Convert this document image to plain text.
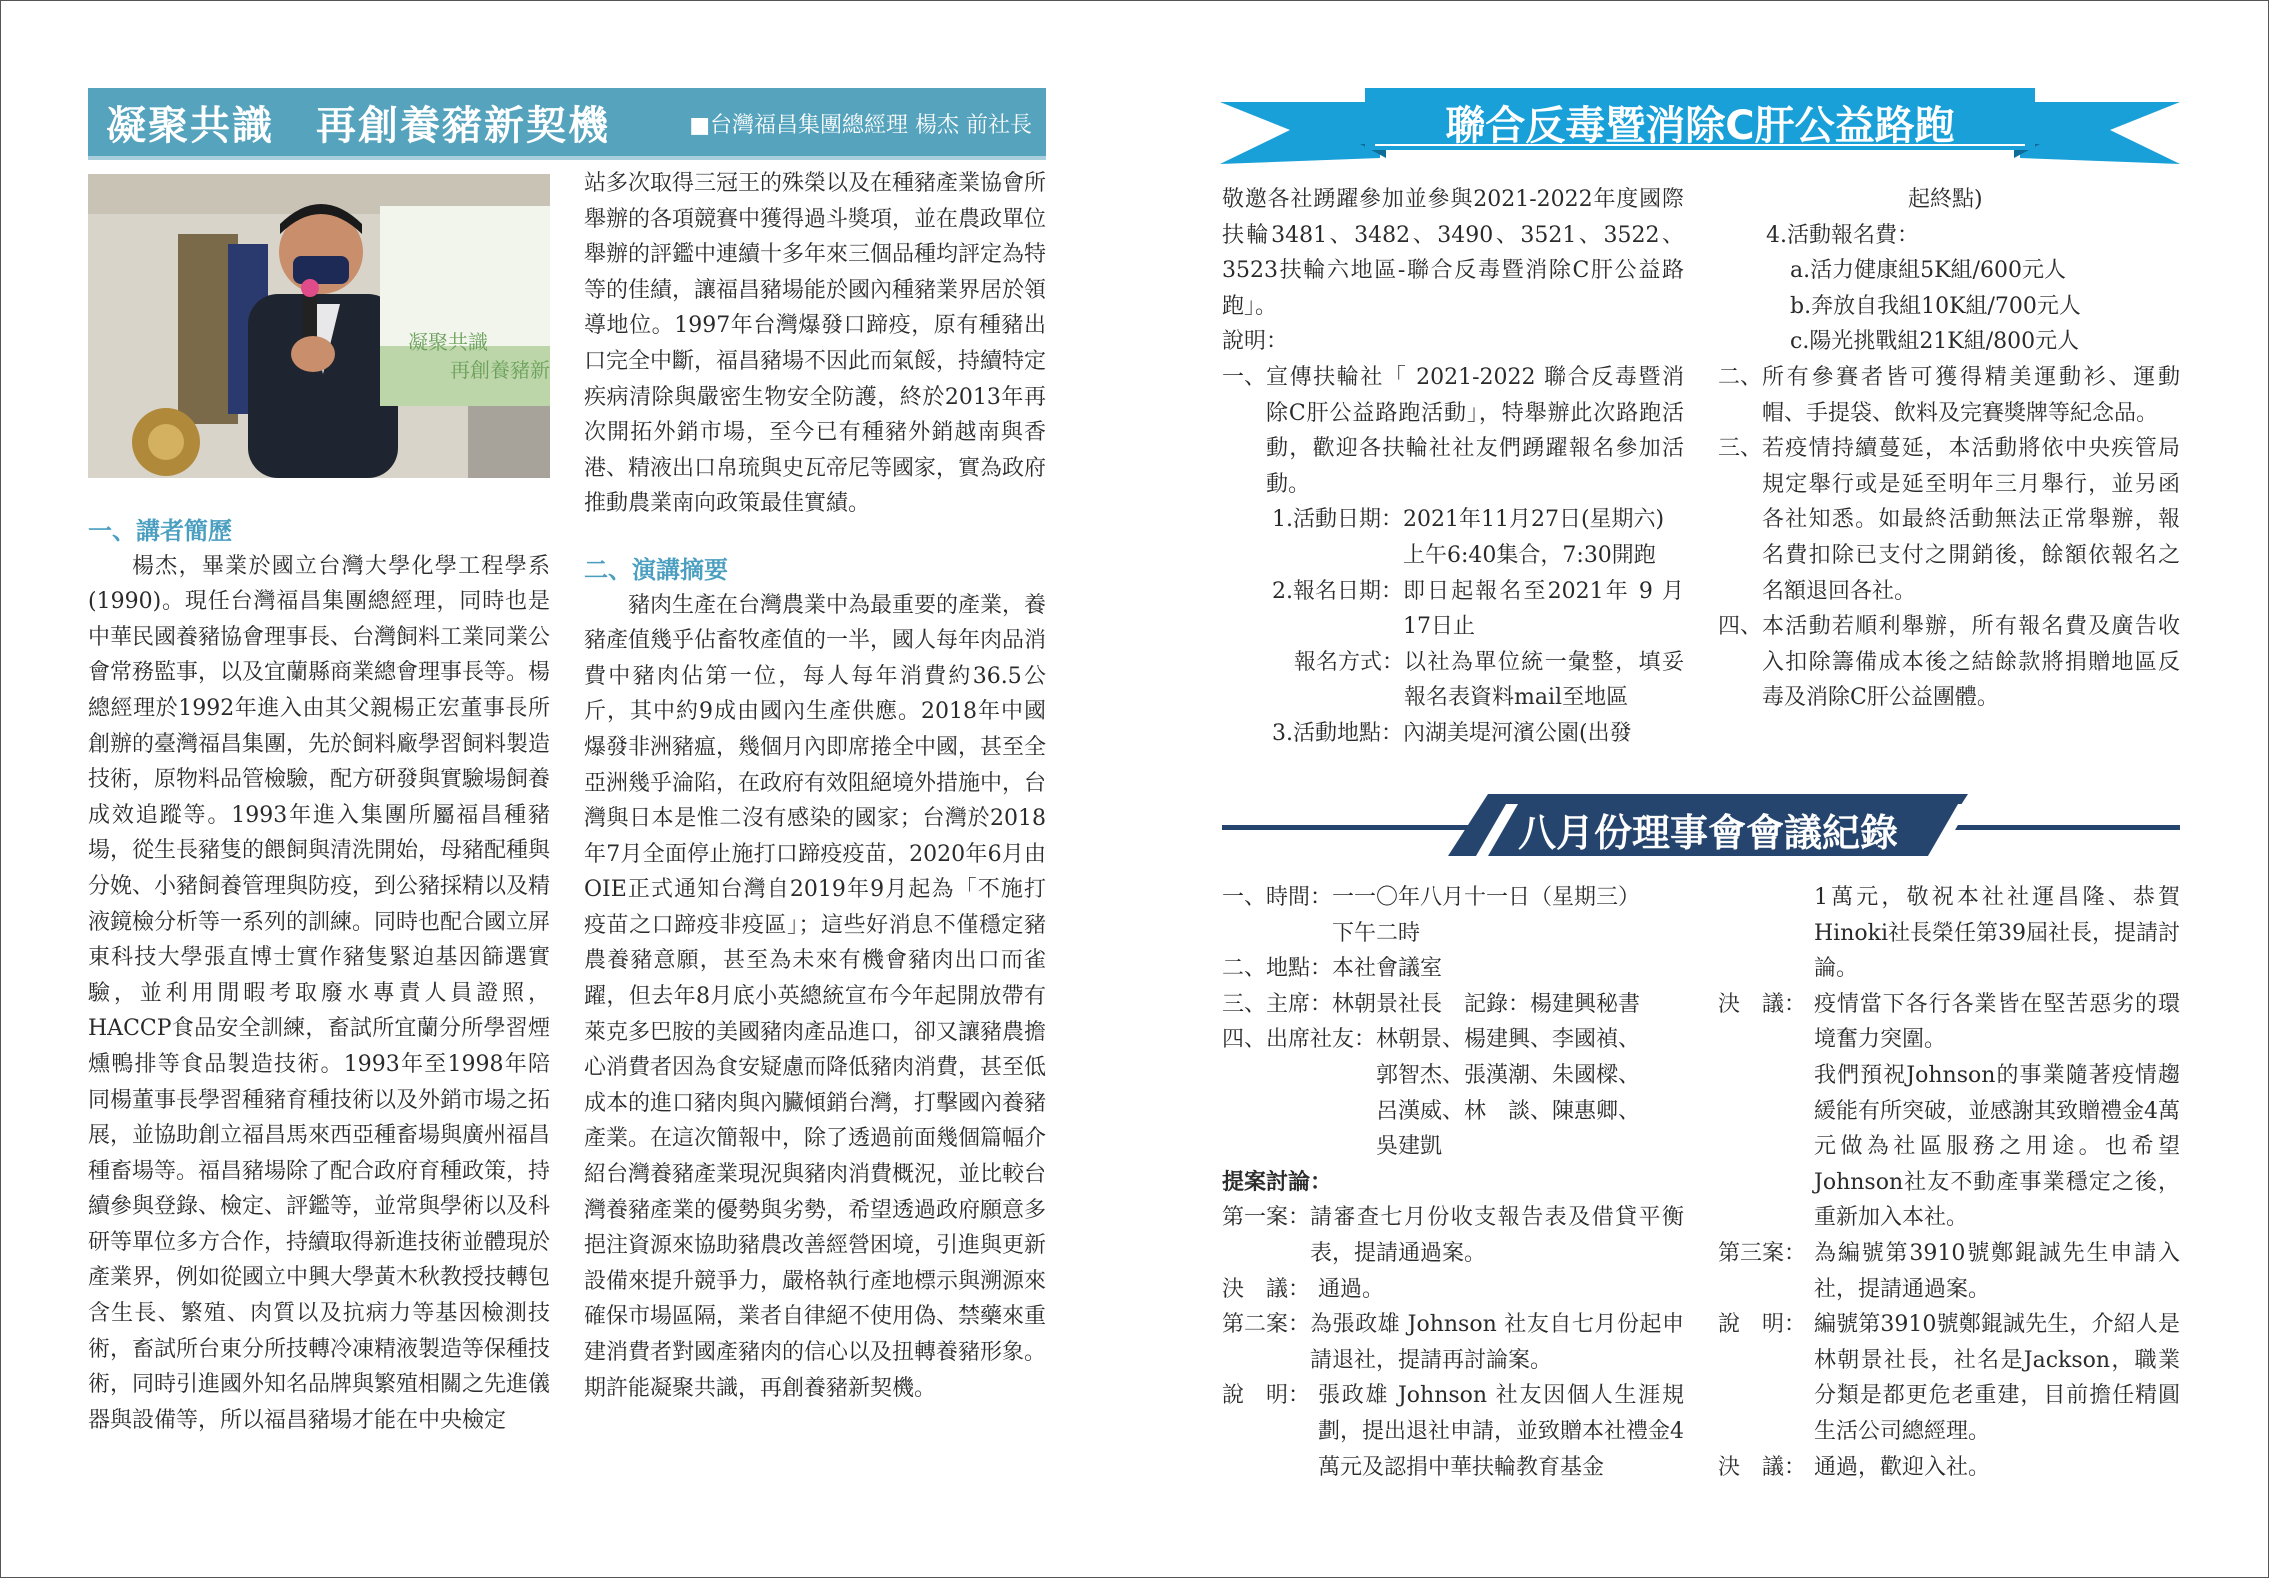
凝聚共識　再創養豬新契機	■台灣福昌集團總經理 楊杰 前社長
凝聚共識
再創養豬新

一、講者簡歷

楊杰，畢業於國立台灣大學化學工程學系(1990)。現任台灣福昌集團總經理，同時也是中華民國養豬協會理事長、台灣飼料工業同業公會常務監事，以及宜蘭縣商業總會理事長等。楊總經理於1992年進入由其父親楊正宏董事長所創辦的臺灣福昌集團，先於飼料廠學習飼料製造技術，原物料品管檢驗，配方研發與實驗場飼養成效追蹤等。1993年進入集團所屬福昌種豬場，從生長豬隻的餵飼與清洗開始，母豬配種與分娩、小豬飼養管理與防疫，到公豬採精以及精液鏡檢分析等一系列的訓練。同時也配合國立屏東科技大學張直博士實作豬隻緊迫基因篩選實驗，並利用閒暇考取廢水專責人員證照，HACCP食品安全訓練，畜試所宜蘭分所學習煙燻鴨排等食品製造技術。1993年至1998年陪同楊董事長學習種豬育種技術以及外銷市場之拓展，並協助創立福昌馬來西亞種畜場與廣州福昌種畜場等。福昌豬場除了配合政府育種政策，持續參與登錄、檢定、評鑑等，並常與學術以及科研等單位多方合作，持續取得新進技術並體現於產業界，例如從國立中興大學黃木秋教授技轉包含生長、繁殖、肉質以及抗病力等基因檢測技術，畜試所台東分所技轉冷凍精液製造等保種技術，同時引進國外知名品牌與繁殖相關之先進儀器與設備等，所以福昌豬場才能在中央檢定

站多次取得三冠王的殊榮以及在種豬產業協會所舉辦的各項競賽中獲得過斗獎項，並在農政單位舉辦的評鑑中連續十多年來三個品種均評定為特等的佳績，讓福昌豬場能於國內種豬業界居於領導地位。1997年台灣爆發口蹄疫，原有種豬出口完全中斷，福昌豬場不因此而氣餒，持續特定疾病清除與嚴密生物安全防護，終於2013年再次開拓外銷市場，至今已有種豬外銷越南與香港、精液出口帛琉與史瓦帝尼等國家，實為政府推動農業南向政策最佳實績。

二、演講摘要

豬肉生產在台灣農業中為最重要的產業，養豬產值幾乎佔畜牧產值的一半，國人每年肉品消費中豬肉佔第一位，每人每年消費約36.5公斤，其中約9成由國內生產供應。2018年中國爆發非洲豬瘟，幾個月內即席捲全中國，甚至全亞洲幾乎淪陷，在政府有效阻絕境外措施中，台灣與日本是惟二沒有感染的國家；台灣於2018年7月全面停止施打口蹄疫疫苗，2020年6月由OIE正式通知台灣自2019年9月起為「不施打疫苗之口蹄疫非疫區」；這些好消息不僅穩定豬農養豬意願，甚至為未來有機會豬肉出口而雀躍，但去年8月底小英總統宣布今年起開放帶有萊克多巴胺的美國豬肉產品進口，卻又讓豬農擔心消費者因為食安疑慮而降低豬肉消費，甚至低成本的進口豬肉與內臟傾銷台灣，打擊國內養豬產業。在這次簡報中，除了透過前面幾個篇幅介紹台灣養豬產業現況與豬肉消費概況，並比較台灣養豬產業的優勢與劣勢，希望透過政府願意多挹注資源來協助豬農改善經營困境，引進與更新設備來提升競爭力，嚴格執行產地標示與溯源來確保市場區隔，業者自律絕不使用偽、禁藥來重建消費者對國產豬肉的信心以及扭轉養豬形象。期許能凝聚共識，再創養豬新契機。

聯合反毒暨消除C肝公益路跑

敬邀各社踴躍參加並參與2021-2022年度國際扶輪3481、3482、3490、3521、3522、3523扶輪六地區-聯合反毒暨消除C肝公益路跑」。

說明：

一、 宣傳扶輪社「 2021-2022 聯合反毒暨消除C肝公益路跑活動」，特舉辦此次路跑活動，歡迎各扶輪社社友們踴躍報名參加活動。

1.活動日期： 2021年11月27日(星期六)
上午6:40集合，7:30開跑
2.報名日期： 即日起報名至2021年 9 月17日止

報名方式： 以社為單位統一彙整，填妥報名表資料mail至地區

3.活動地點： 內湖美堤河濱公園(出發

起終點)

4.活動報名費：

a.活力健康組5K組/600元人

b.奔放自我組10K組/700元人

c.陽光挑戰組21K組/800元人

二、 所有參賽者皆可獲得精美運動衫、運動帽、手提袋、飲料及完賽獎牌等紀念品。

三、 若疫情持續蔓延，本活動將依中央疾管局規定舉行或是延至明年三月舉行，並另函各社知悉。如最終活動無法正常舉辦，報名費扣除已支付之開銷後，餘額依報名之名額退回各社。

四、 本活動若順利舉辦，所有報名費及廣告收入扣除籌備成本後之結餘款將捐贈地區反毒及消除C肝公益團體。

八月份理事會會議紀錄
一、時間： 一一〇年八月十一日（星期三）
下午二時
二、地點： 本社會議室
三、主席： 林朝景社長　記錄：楊建興秘書
四、出席社友： 林朝景、楊建興、李國禎、
郭智杰、張漢潮、朱國樑、
呂漢威、林　談、陳惠卿、
吳建凱

提案討論：

第一案： 請審查七月份收支報告表及借貸平衡表，提請通過案。

決　議： 通過。

第二案： 為張政雄 Johnson 社友自七月份起申請退社，提請再討論案。

說　明： 張政雄 Johnson 社友因個人生涯規劃，提出退社申請，並致贈本社禮金4萬元及認捐中華扶輪教育基金

1萬元，敬祝本社社運昌隆、恭賀Hinoki社長榮任第39屆社長，提請討論。

決　議： 疫情當下各行各業皆在堅苦惡劣的環境奮力突圍。

我們預祝Johnson的事業隨著疫情趨緩能有所突破，並感謝其致贈禮金4萬元做為社區服務之用途。也希望Johnson社友不動產事業穩定之後，重新加入本社。

第三案： 為編號第3910號鄭錕誠先生申請入社，提請通過案。

說　明： 編號第3910號鄭錕誠先生，介紹人是林朝景社長，社名是Jackson，職業分類是都更危老重建，目前擔任精圓生活公司總經理。

決　議： 通過，歡迎入社。
